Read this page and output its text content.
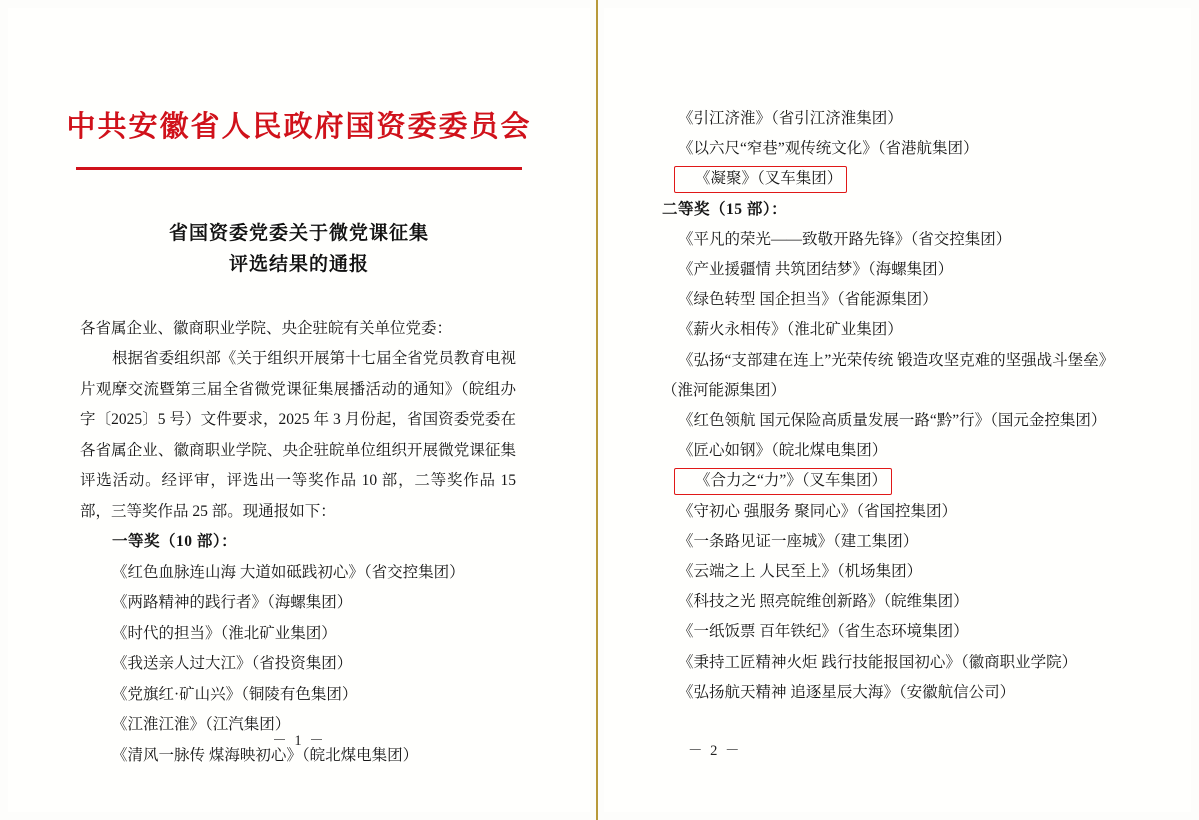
中共安徽省人民政府国资委委员会
省国资委党委关于微党课征集
评选结果的通报
各省属企业、徽商职业学院、央企驻皖有关单位党委：
根据省委组织部《关于组织开展第十七届全省党员教育电视片观摩交流暨第三届全省微党课征集展播活动的通知》（皖组办字〔2025〕5 号）文件要求，2025 年 3 月份起，省国资委党委在各省属企业、徽商职业学院、央企驻皖单位组织开展微党课征集评选活动。经评审，评选出一等奖作品 10 部，二等奖作品 15 部，三等奖作品 25 部。现通报如下：
一等奖（10 部）：
《红色血脉连山海 大道如砥践初心》（省交控集团）
《两路精神的践行者》（海螺集团）
《时代的担当》（淮北矿业集团）
《我送亲人过大江》（省投资集团）
《党旗红·矿山兴》（铜陵有色集团）
《江淮江淮》（江汽集团）
《清风一脉传 煤海映初心》（皖北煤电集团）
－ 1 －
《引江济淮》（省引江济淮集团）
《以六尺“窄巷”观传统文化》（省港航集团）
《凝聚》（叉车集团）
二等奖（15 部）：
《平凡的荣光——致敬开路先锋》（省交控集团）
《产业援疆情 共筑团结梦》（海螺集团）
《绿色转型 国企担当》（省能源集团）
《薪火永相传》（淮北矿业集团）
《弘扬“支部建在连上”光荣传统 锻造攻坚克难的坚强战斗堡垒》（淮河能源集团）
《红色领航 国元保险高质量发展一路“黔”行》（国元金控集团）
《匠心如钢》（皖北煤电集团）
《合力之“力”》（叉车集团）
《守初心 强服务 聚同心》（省国控集团）
《一条路见证一座城》（建工集团）
《云端之上 人民至上》（机场集团）
《科技之光 照亮皖维创新路》（皖维集团）
《一纸饭票 百年铁纪》（省生态环境集团）
《秉持工匠精神火炬 践行技能报国初心》（徽商职业学院）
《弘扬航天精神 追逐星辰大海》（安徽航信公司）
－ 2 －
